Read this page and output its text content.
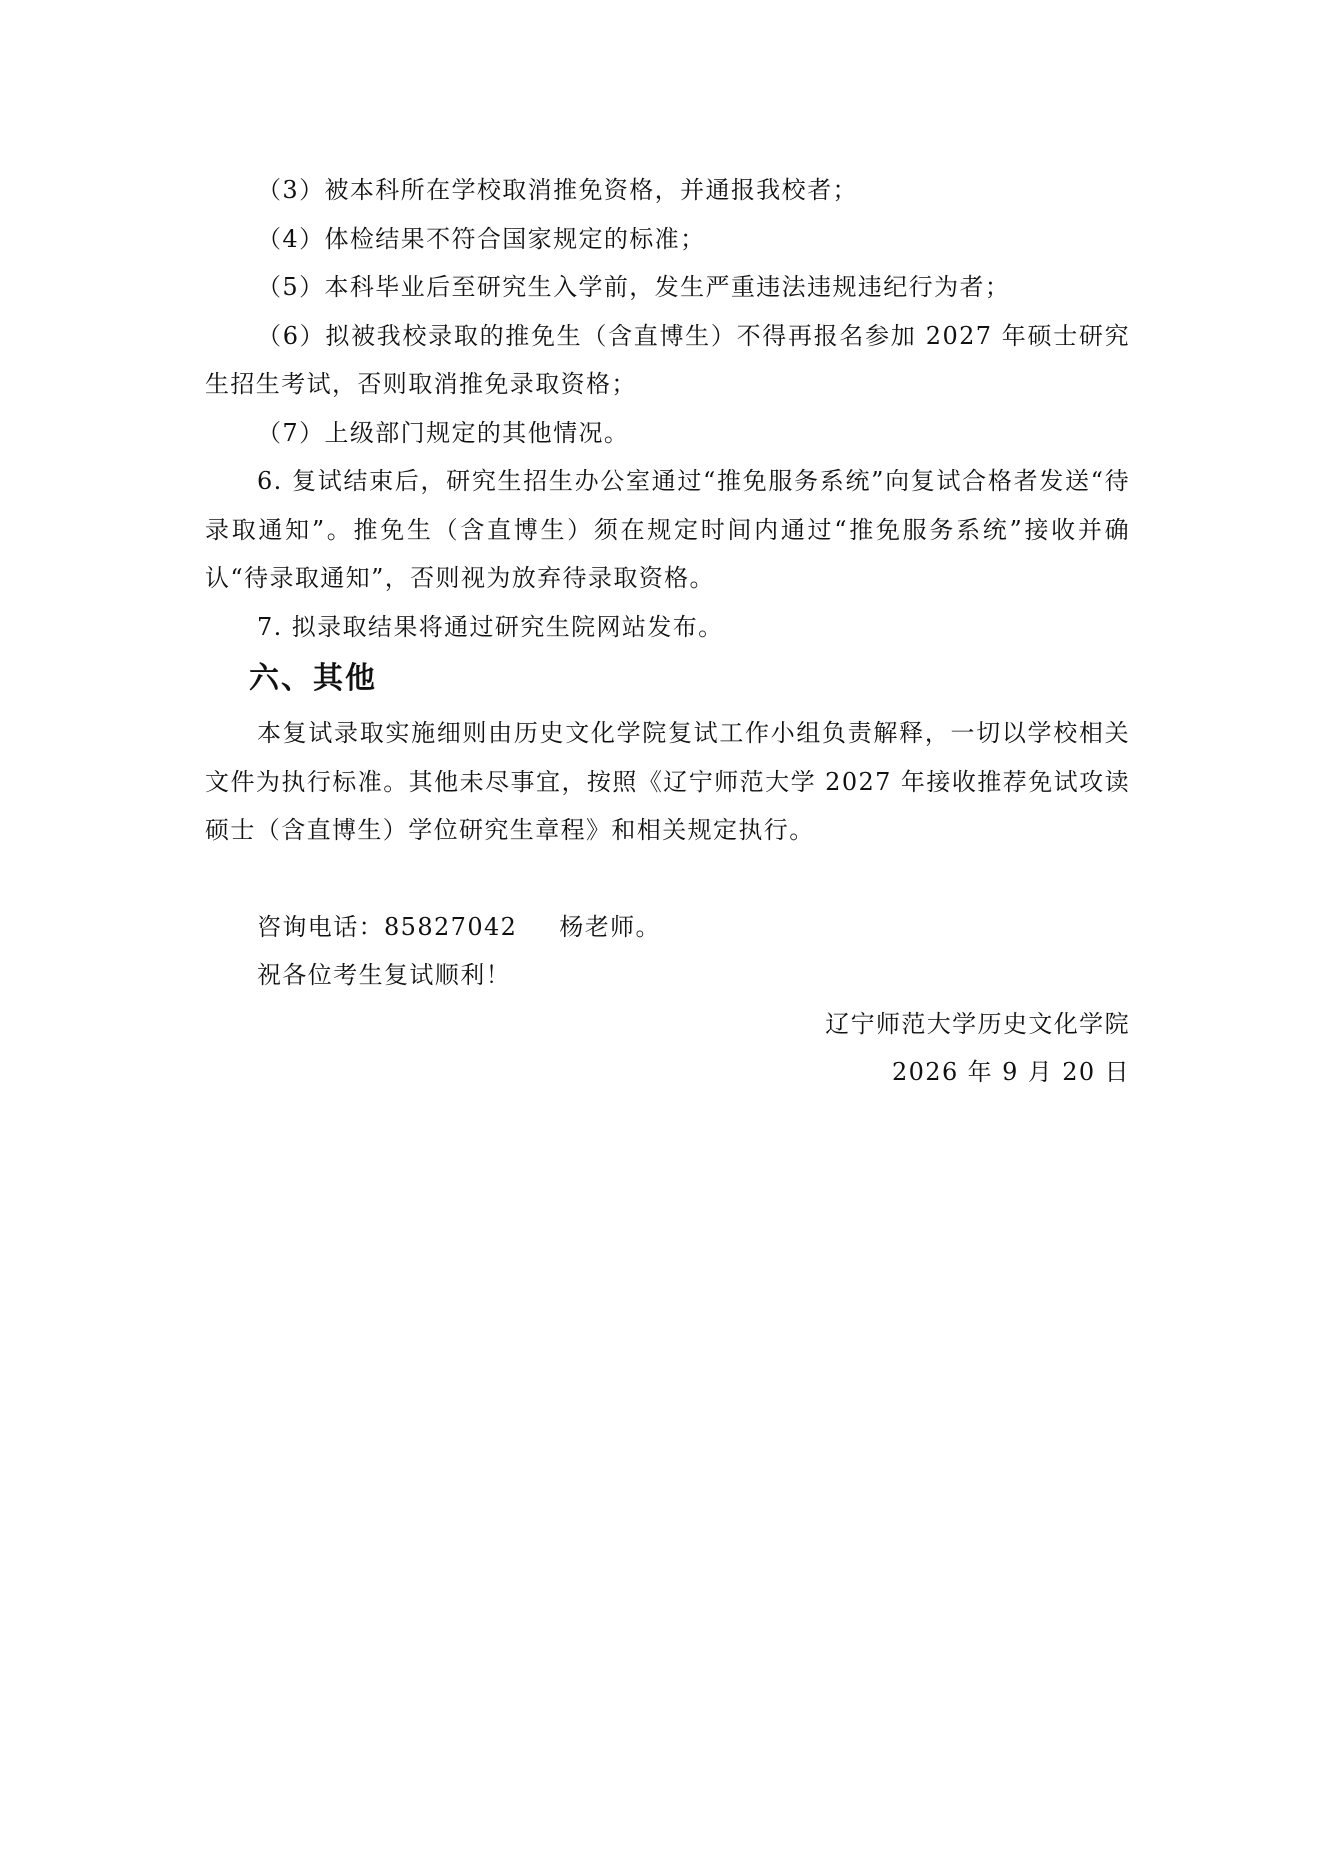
（3）被本科所在学校取消推免资格，并通报我校者；

（4）体检结果不符合国家规定的标准；

（5）本科毕业后至研究生入学前，发生严重违法违规违纪行为者；

（6）拟被我校录取的推免生（含直博生）不得再报名参加 2027 年硕士研究生招生考试，否则取消推免录取资格；

（7）上级部门规定的其他情况。

6. 复试结束后，研究生招生办公室通过“推免服务系统”向复试合格者发送“待录取通知”。推免生（含直博生）须在规定时间内通过“推免服务系统”接收并确认“待录取通知”，否则视为放弃待录取资格。

7. 拟录取结果将通过研究生院网站发布。

六、其他

本复试录取实施细则由历史文化学院复试工作小组负责解释，一切以学校相关文件为执行标准。其他未尽事宜，按照《辽宁师范大学 2027 年接收推荐免试攻读硕士（含直博生）学位研究生章程》和相关规定执行。

咨询电话：85827042 杨老师。

祝各位考生复试顺利！

辽宁师范大学历史文化学院

2026 年 9 月 20 日
